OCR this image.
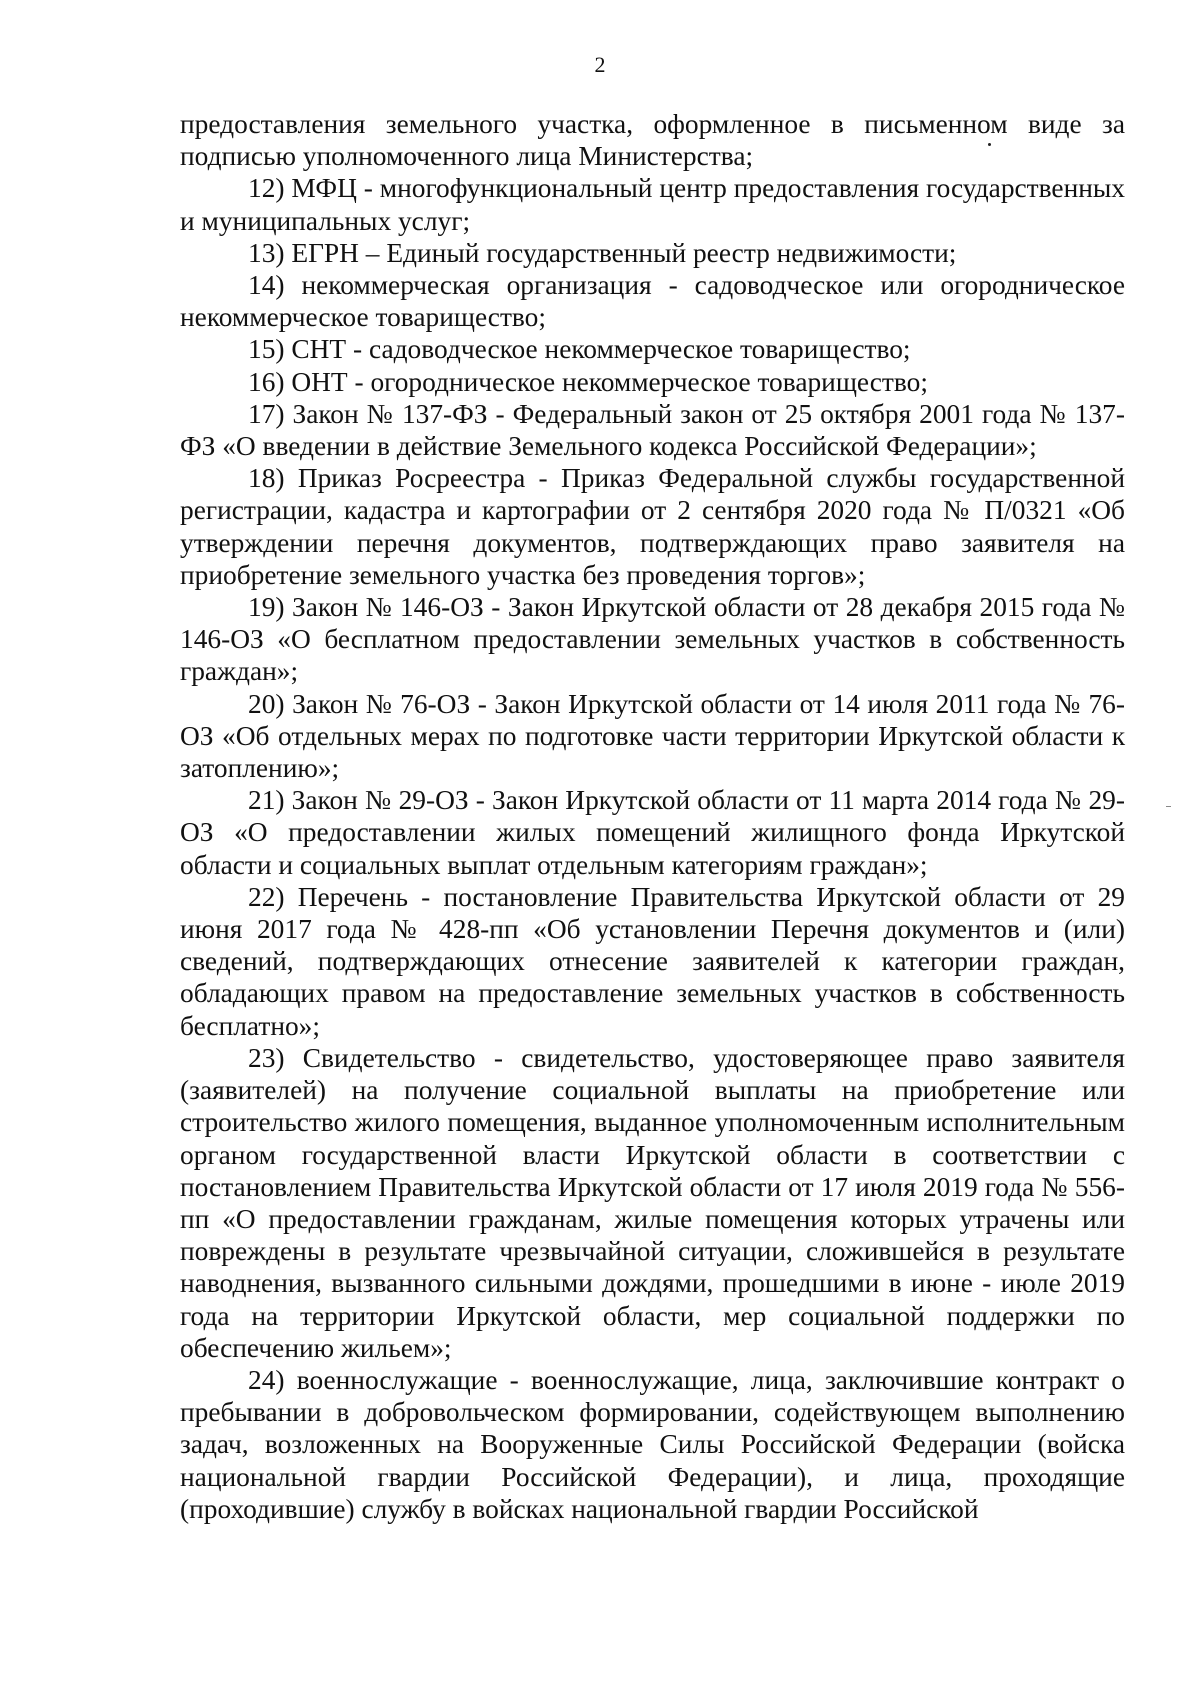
2

предоставления земельного участка, оформленное в письменном виде за подписью уполномоченного лица Министерства;

12) МФЦ - многофункциональный центр предоставления государственных и муниципальных услуг;

13) ЕГРН – Единый государственный реестр недвижимости;

14) некоммерческая организация - садоводческое или огородническое некоммерческое товарищество;

15) СНТ - садоводческое некоммерческое товарищество;

16) ОНТ - огородническое некоммерческое товарищество;

17) Закон № 137-ФЗ - Федеральный закон от 25 октября 2001 года № 137-ФЗ «О введении в действие Земельного кодекса Российской Федерации»;

18) Приказ Росреестра - Приказ Федеральной службы государственной регистрации, кадастра и картографии от 2 сентября 2020 года № П/0321 «Об утверждении перечня документов, подтверждающих право заявителя на приобретение земельного участка без проведения торгов»;

19) Закон № 146-ОЗ - Закон Иркутской области от 28 декабря 2015 года № 146-ОЗ «О бесплатном предоставлении земельных участков в собственность граждан»;

20) Закон № 76-ОЗ - Закон Иркутской области от 14 июля 2011 года № 76-ОЗ «Об отдельных мерах по подготовке части территории Иркутской области к затоплению»;

21) Закон № 29-ОЗ - Закон Иркутской области от 11 марта 2014 года № 29-ОЗ «О предоставлении жилых помещений жилищного фонда Иркутской области и социальных выплат отдельным категориям граждан»;

22) Перечень - постановление Правительства Иркутской области от 29 июня 2017 года № 428-пп «Об установлении Перечня документов и (или) сведений, подтверждающих отнесение заявителей к категории граждан, обладающих правом на предоставление земельных участков в собственность бесплатно»;

23) Свидетельство - свидетельство, удостоверяющее право заявителя (заявителей) на получение социальной выплаты на приобретение или строительство жилого помещения, выданное уполномоченным исполнительным органом государственной власти Иркутской области в соответствии с постановлением Правительства Иркутской области от 17 июля 2019 года № 556-пп «О предоставлении гражданам, жилые помещения которых утрачены или повреждены в результате чрезвычайной ситуации, сложившейся в результате наводнения, вызванного сильными дождями, прошедшими в июне - июле 2019 года на территории Иркутской области, мер социальной поддержки по обеспечению жильем»;

24) военнослужащие - военнослужащие, лица, заключившие контракт о пребывании в добровольческом формировании, содействующем выполнению задач, возложенных на Вооруженные Силы Российской Федерации (войска национальной гвардии Российской Федерации), и лица, проходящие (проходившие) службу в войсках национальной гвардии Российской
